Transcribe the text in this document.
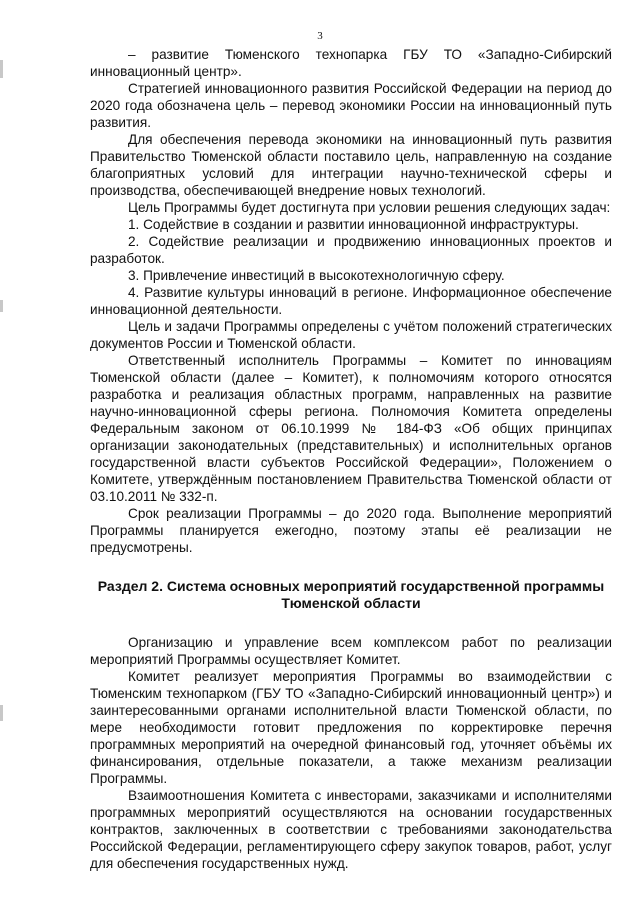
3

– развитие Тюменского технопарка ГБУ ТО «Западно-Сибирский инновационный центр».

Стратегией инновационного развития Российской Федерации на период до 2020 года обозначена цель – перевод экономики России на инновационный путь развития.

Для обеспечения перевода экономики на инновационный путь развития Правительство Тюменской области поставило цель, направленную на создание благоприятных условий для интеграции научно-технической сферы и производства, обеспечивающей внедрение новых технологий.

Цель Программы будет достигнута при условии решения следующих задач:

1. Содействие в создании и развитии инновационной инфраструктуры.

2. Содействие реализации и продвижению инновационных проектов и разработок.

3. Привлечение инвестиций в высокотехнологичную сферу.

4. Развитие культуры инноваций в регионе. Информационное обеспечение инновационной деятельности.

Цель и задачи Программы определены с учётом положений стратегических документов России и Тюменской области.

Ответственный исполнитель Программы – Комитет по инновациям Тюменской области (далее – Комитет), к полномочиям которого относятся разработка и реализация областных программ, направленных на развитие научно-инновационной сферы региона. Полномочия Комитета определены Федеральным законом от 06.10.1999 № 184-ФЗ «Об общих принципах организации законодательных (представительных) и исполнительных органов государственной власти субъектов Российской Федерации», Положением о Комитете, утверждённым постановлением Правительства Тюменской области от 03.10.2011 № 332-п.

Срок реализации Программы – до 2020 года. Выполнение мероприятий Программы планируется ежегодно, поэтому этапы её реализации не предусмотрены.

Раздел 2. Система основных мероприятий государственной программы Тюменской области

Организацию и управление всем комплексом работ по реализации мероприятий Программы осуществляет Комитет.

Комитет реализует мероприятия Программы во взаимодействии с Тюменским технопарком (ГБУ ТО «Западно-Сибирский инновационный центр») и заинтересованными органами исполнительной власти Тюменской области, по мере необходимости готовит предложения по корректировке перечня программных мероприятий на очередной финансовый год, уточняет объёмы их финансирования, отдельные показатели, а также механизм реализации Программы.

Взаимоотношения Комитета с инвесторами, заказчиками и исполнителями программных мероприятий осуществляются на основании государственных контрактов, заключенных в соответствии с требованиями законодательства Российской Федерации, регламентирующего сферу закупок товаров, работ, услуг для обеспечения государственных нужд.
